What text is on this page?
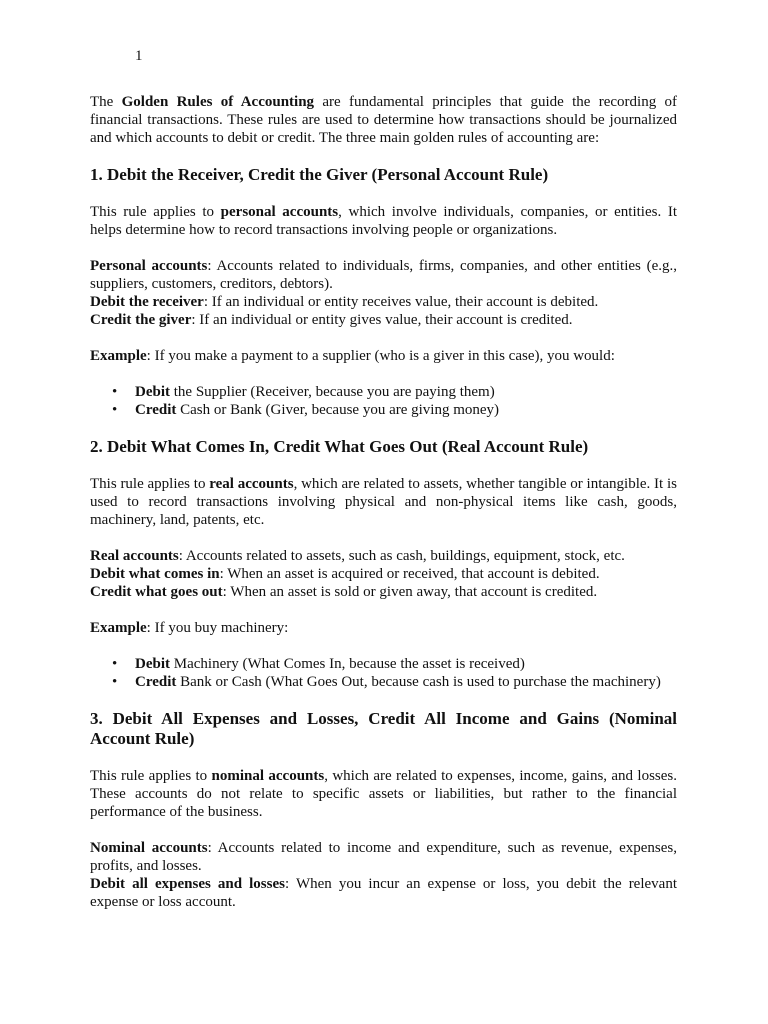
1

The Golden Rules of Accounting are fundamental principles that guide the recording of financial transactions. These rules are used to determine how transactions should be journalized and which accounts to debit or credit. The three main golden rules of accounting are:

1. Debit the Receiver, Credit the Giver (Personal Account Rule)

This rule applies to personal accounts, which involve individuals, companies, or entities. It helps determine how to record transactions involving people or organizations.

Personal accounts: Accounts related to individuals, firms, companies, and other entities (e.g., suppliers, customers, creditors, debtors).

Debit the receiver: If an individual or entity receives value, their account is debited.

Credit the giver: If an individual or entity gives value, their account is credited.

Example: If you make a payment to a supplier (who is a giver in this case), you would:

• Debit the Supplier (Receiver, because you are paying them)
• Credit Cash or Bank (Giver, because you are giving money)
2. Debit What Comes In, Credit What Goes Out (Real Account Rule)

This rule applies to real accounts, which are related to assets, whether tangible or intangible. It is used to record transactions involving physical and non-physical items like cash, goods, machinery, land, patents, etc.

Real accounts: Accounts related to assets, such as cash, buildings, equipment, stock, etc.

Debit what comes in: When an asset is acquired or received, that account is debited.

Credit what goes out: When an asset is sold or given away, that account is credited.

Example: If you buy machinery:

• Debit Machinery (What Comes In, because the asset is received)
• Credit Bank or Cash (What Goes Out, because cash is used to purchase the machinery)
3. Debit All Expenses and Losses, Credit All Income and Gains (Nominal Account Rule)

This rule applies to nominal accounts, which are related to expenses, income, gains, and losses. These accounts do not relate to specific assets or liabilities, but rather to the financial performance of the business.

Nominal accounts: Accounts related to income and expenditure, such as revenue, expenses, profits, and losses.

Debit all expenses and losses: When you incur an expense or loss, you debit the relevant expense or loss account.
